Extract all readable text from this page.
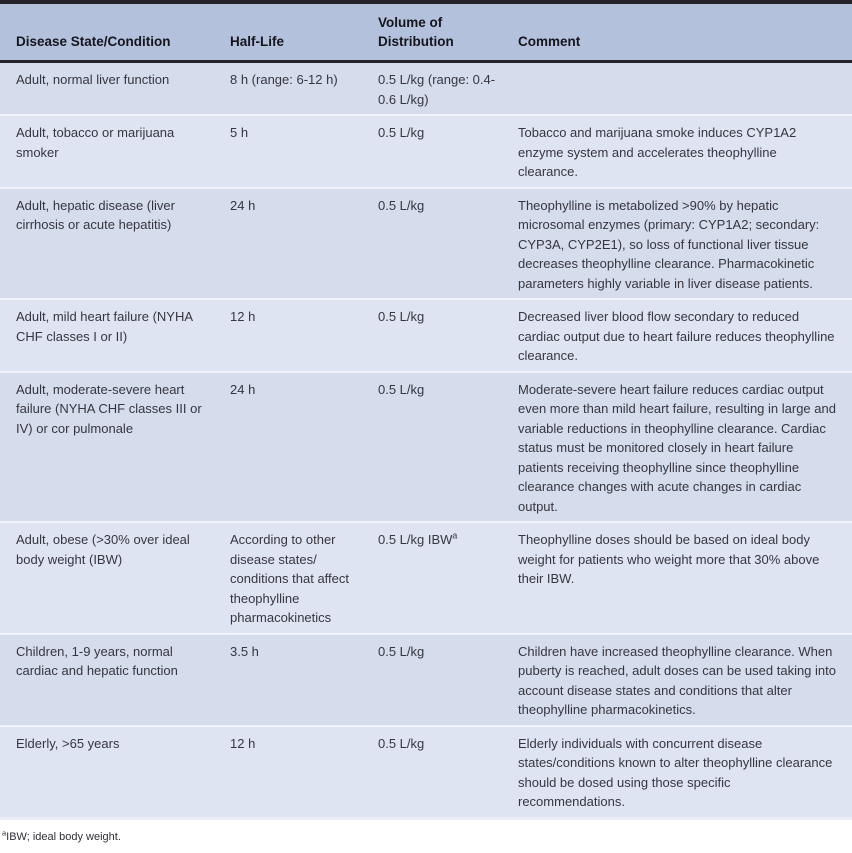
Disease State/Condition	Half-Life	Volume of Distribution	Comment
Adult, normal liver function	8 h (range: 6-12 h)	0.5 L/kg (range: 0.4-0.6 L/kg)	
Adult, tobacco or marijuana smoker	5 h	0.5 L/kg	Tobacco and marijuana smoke induces CYP1A2 enzyme system and accelerates theophylline clearance.
Adult, hepatic disease (liver cirrhosis or acute hepatitis)	24 h	0.5 L/kg	Theophylline is metabolized >90% by hepatic microsomal enzymes (primary: CYP1A2; secondary: CYP3A, CYP2E1), so loss of functional liver tissue decreases theophylline clearance. Pharmacokinetic parameters highly variable in liver disease patients.
Adult, mild heart failure (NYHA CHF classes I or II)	12 h	0.5 L/kg	Decreased liver blood flow secondary to reduced cardiac output due to heart failure reduces theophylline clearance.
Adult, moderate-severe heart failure (NYHA CHF classes III or IV) or cor pulmonale	24 h	0.5 L/kg	Moderate-severe heart failure reduces cardiac output even more than mild heart failure, resulting in large and variable reductions in theophylline clearance. Cardiac status must be monitored closely in heart failure patients receiving theophylline since theophylline clearance changes with acute changes in cardiac output.
Adult, obese (>30% over ideal body weight (IBW)	According to other disease states/ conditions that affect theophylline pharmacokinetics	0.5 L/kg IBW$^a$	Theophylline doses should be based on ideal body weight for patients who weight more that 30% above their IBW.
Children, 1-9 years, normal cardiac and hepatic function	3.5 h	0.5 L/kg	Children have increased theophylline clearance. When puberty is reached, adult doses can be used taking into account disease states and conditions that alter theophylline pharmacokinetics.
Elderly, >65 years	12 h	0.5 L/kg	Elderly individuals with concurrent disease states/conditions known to alter theophylline clearance should be dosed using those specific recommendations.
$^a$IBW; ideal body weight.
